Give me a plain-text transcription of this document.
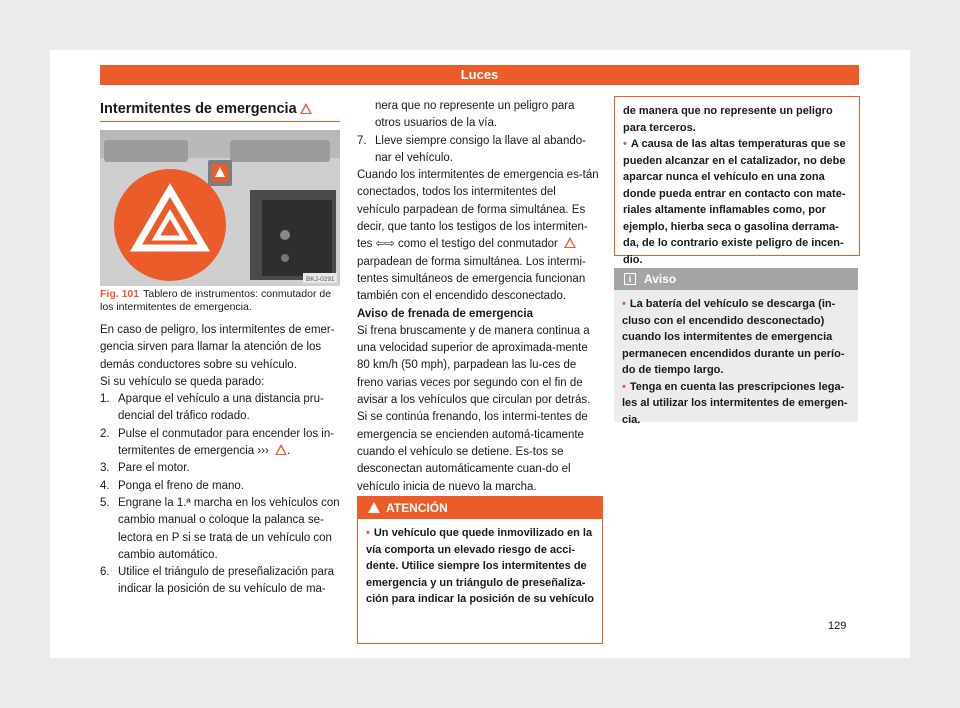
Luces
Intermitentes de emergencia
BKJ-0291
Fig. 101 Tablero de instrumentos: conmutador de los intermitentes de emergencia.

En caso de peligro, los intermitentes de emer-gencia sirven para llamar la atención de los demás conductores sobre su vehículo.

Si su vehículo se queda parado:

1. Aparque el vehículo a una distancia pru-dencial del tráfico rodado.
2. Pulse el conmutador para encender los in-termitentes de emergencia ››› .
3. Pare el motor.
4. Ponga el freno de mano.
5. Engrane la 1.ª marcha en los vehículos con cambio manual o coloque la palanca se-lectora en P si se trata de un vehículo con cambio automático.
6. Utilice el triángulo de preseñalización para indicar la posición de su vehículo de ma-
nera que no represente un peligro para otros usuarios de la vía.
7. Lleve siempre consigo la llave al abando-nar el vehículo.

Cuando los intermitentes de emergencia es-tán conectados, todos los intermitentes del vehículo parpadean de forma simultánea. Es decir, que tanto los testigos de los intermiten-tes ⇦⇨ como el testigo del conmutador  parpadean de forma simultánea. Los intermi-tentes simultáneos de emergencia funcionan también con el encendido desconectado.

Aviso de frenada de emergencia

Si frena bruscamente y de manera continua a una velocidad superior de aproximada-mente 80 km/h (50 mph), parpadean las lu-ces de freno varias veces por segundo con el fin de avisar a los vehículos que circulan por detrás. Si se continúa frenando, los intermi-tentes de emergencia se encienden automá-ticamente cuando el vehículo se detiene. Es-tos se desconectan automáticamente cuan-do el vehículo inicia de nuevo la marcha.

ATENCIÓN
• Un vehículo que quede inmovilizado en la vía comporta un elevado riesgo de acci-dente. Utilice siempre los intermitentes de emergencia y un triángulo de preseñaliza-ción para indicar la posición de su vehículo
de manera que no represente un peligro para terceros.
• A causa de las altas temperaturas que se pueden alcanzar en el catalizador, no debe aparcar nunca el vehículo en una zona donde pueda entrar en contacto con mate-riales altamente inflamables como, por ejemplo, hierba seca o gasolina derrama-da, de lo contrario existe peligro de incen-dio.
i	Aviso
• La batería del vehículo se descarga (in-cluso con el encendido desconectado) cuando los intermitentes de emergencia permanecen encendidos durante un perío-do de tiempo largo.
• Tenga en cuenta las prescripciones lega-les al utilizar los intermitentes de emergen-cia.
129
